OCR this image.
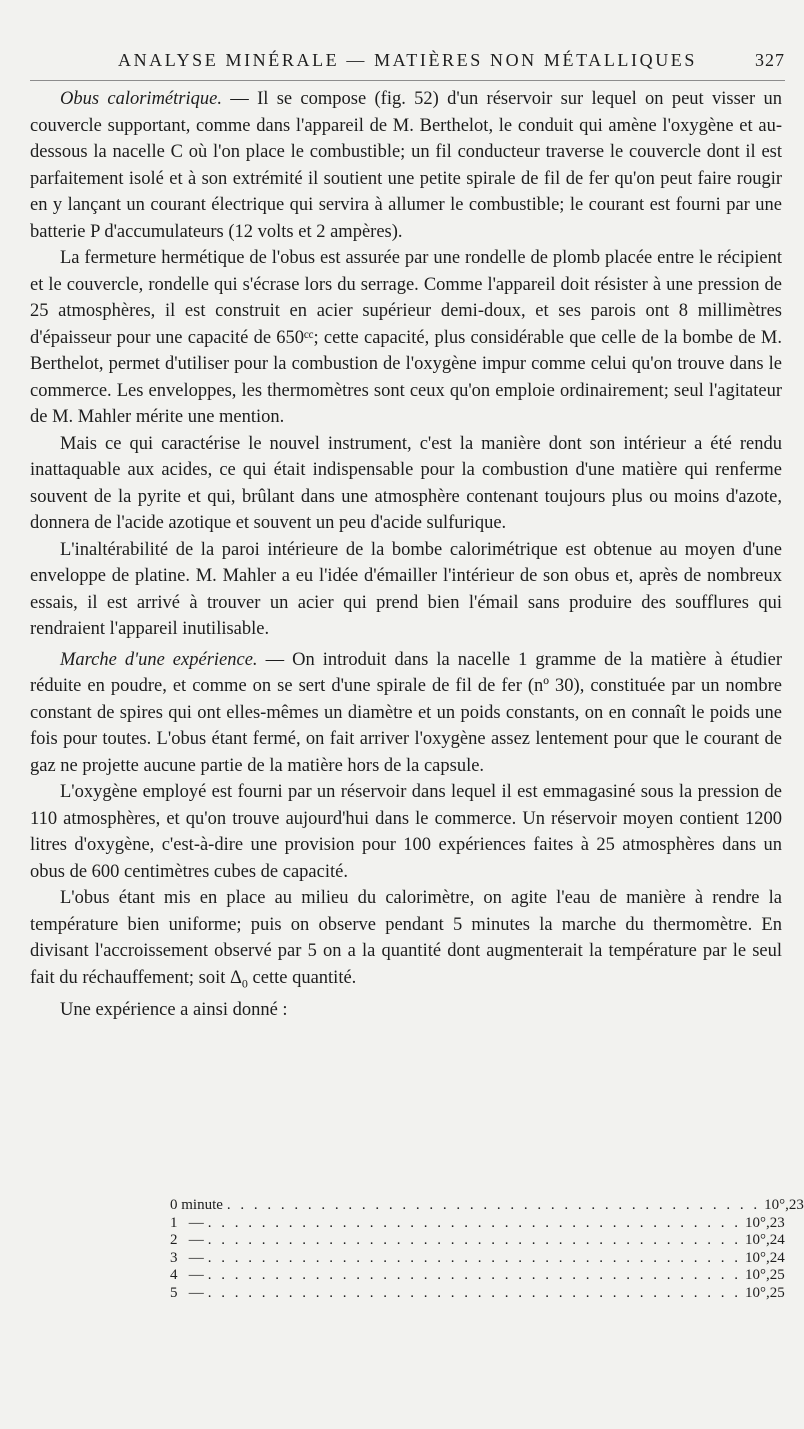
ANALYSE MINÉRALE — MATIÈRES NON MÉTALLIQUES	327

Obus calorimétrique. — Il se compose (fig. 52) d'un réservoir sur lequel on peut visser un couvercle supportant, comme dans l'appareil de M. Berthelot, le conduit qui amène l'oxygène et au-dessous la nacelle C où l'on place le combustible; un fil conducteur traverse le couvercle dont il est parfaitement isolé et à son extrémité il soutient une petite spirale de fil de fer qu'on peut faire rougir en y lançant un courant électrique qui servira à allumer le combustible; le courant est fourni par une batterie P d'accumulateurs (12 volts et 2 ampères).

La fermeture hermétique de l'obus est assurée par une rondelle de plomb placée entre le récipient et le couvercle, rondelle qui s'écrase lors du serrage. Comme l'appareil doit résister à une pression de 25 atmosphères, il est construit en acier supérieur demi-doux, et ses parois ont 8 millimètres d'épaisseur pour une capacité de 650ᶜᶜ; cette capacité, plus considérable que celle de la bombe de M. Berthelot, permet d'utiliser pour la combustion de l'oxygène impur comme celui qu'on trouve dans le commerce. Les enveloppes, les thermomètres sont ceux qu'on emploie ordinairement; seul l'agitateur de M. Mahler mérite une mention.

Mais ce qui caractérise le nouvel instrument, c'est la manière dont son intérieur a été rendu inattaquable aux acides, ce qui était indispensable pour la combustion d'une matière qui renferme souvent de la pyrite et qui, brûlant dans une atmosphère contenant toujours plus ou moins d'azote, donnera de l'acide azotique et souvent un peu d'acide sulfurique.

L'inaltérabilité de la paroi intérieure de la bombe calorimétrique est obtenue au moyen d'une enveloppe de platine. M. Mahler a eu l'idée d'émailler l'intérieur de son obus et, après de nombreux essais, il est arrivé à trouver un acier qui prend bien l'émail sans produire des soufflures qui rendraient l'appareil inutilisable.

Marche d'une expérience. — On introduit dans la nacelle 1 gramme de la matière à étudier réduite en poudre, et comme on se sert d'une spirale de fil de fer (nº 30), constituée par un nombre constant de spires qui ont elles-mêmes un diamètre et un poids constants, on en connaît le poids une fois pour toutes. L'obus étant fermé, on fait arriver l'oxygène assez lentement pour que le courant de gaz ne projette aucune partie de la matière hors de la capsule.

L'oxygène employé est fourni par un réservoir dans lequel il est emmagasiné sous la pression de 110 atmosphères, et qu'on trouve aujourd'hui dans le commerce. Un réservoir moyen contient 1200 litres d'oxygène, c'est-à-dire une provision pour 100 expériences faites à 25 atmosphères dans un obus de 600 centimètres cubes de capacité.

L'obus étant mis en place au milieu du calorimètre, on agite l'eau de manière à rendre la température bien uniforme; puis on observe pendant 5 minutes la marche du thermomètre. En divisant l'accroissement observé par 5 on a la quantité dont augmenterait la température par le seul fait du réchauffement; soit $\Delta_0$ cette quantité.

Une expérience a ainsi donné :

0 minute . . . . . . . . . . . . . . . . . . . . . . . . . . . . . . . . . . . . . . . . 10°,23
1   — . . . . . . . . . . . . . . . . . . . . . . . . . . . . . . . . . . . . . . . . 10°,23
2   — . . . . . . . . . . . . . . . . . . . . . . . . . . . . . . . . . . . . . . . . 10°,24
3   — . . . . . . . . . . . . . . . . . . . . . . . . . . . . . . . . . . . . . . . . 10°,24
4   — . . . . . . . . . . . . . . . . . . . . . . . . . . . . . . . . . . . . . . . . 10°,25
5   — . . . . . . . . . . . . . . . . . . . . . . . . . . . . . . . . . . . . . . . . 10°,25
